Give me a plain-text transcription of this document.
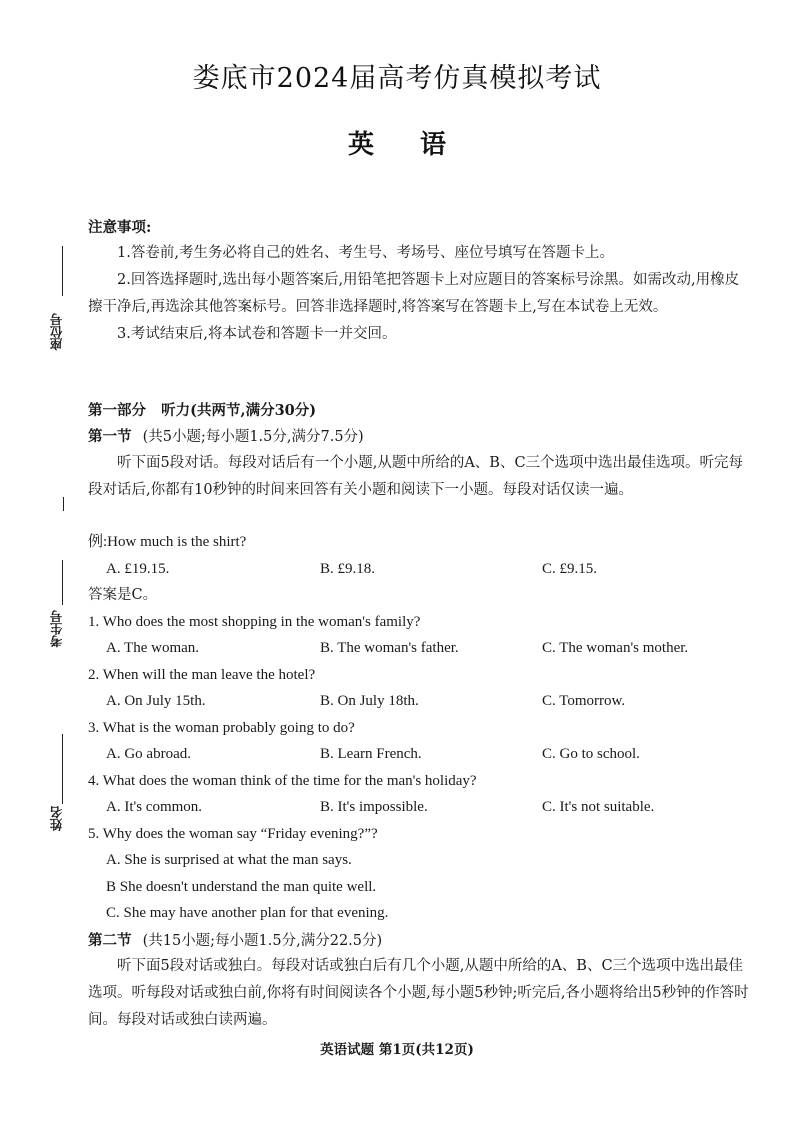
座位号
考生号
姓名
娄底市2024届高考仿真模拟考试
英语
注意事项:

1.答卷前,考生务必将自己的姓名、考生号、考场号、座位号填写在答题卡上。

2.回答选择题时,选出每小题答案后,用铅笔把答题卡上对应题目的答案标号涂黑。如需改动,用橡皮擦干净后,再选涂其他答案标号。回答非选择题时,将答案写在答题卡上,写在本试卷上无效。

3.考试结束后,将本试卷和答题卡一并交回。

第一部分 听力(共两节,满分30分)
第一节 (共5小题;每小题1.5分,满分7.5分)

听下面5段对话。每段对话后有一个小题,从题中所给的A、B、C三个选项中选出最佳选项。听完每段对话后,你都有10秒钟的时间来回答有关小题和阅读下一小题。每段对话仅读一遍。

例:How much is the shirt?
A. £19.15.	B. £9.18.	C. £9.15.
答案是C。
1. Who does the most shopping in the woman's family?
A. The woman.	B. The woman's father.	C. The woman's mother.
2. When will the man leave the hotel?
A. On July 15th.	B. On July 18th.	C. Tomorrow.
3. What is the woman probably going to do?
A. Go abroad.	B. Learn French.	C. Go to school.
4. What does the woman think of the time for the man's holiday?
A. It's common.	B. It's impossible.	C. It's not suitable.
5. Why does the woman say “Friday evening?”?
A. She is surprised at what the man says.
B She doesn't understand the man quite well.
C. She may have another plan for that evening.
第二节 (共15小题;每小题1.5分,满分22.5分)

听下面5段对话或独白。每段对话或独白后有几个小题,从题中所给的A、B、C三个选项中选出最佳选项。听每段对话或独白前,你将有时间阅读各个小题,每小题5秒钟;听完后,各小题将给出5秒钟的作答时间。每段对话或独白读两遍。

英语试题 第1页(共12页)
